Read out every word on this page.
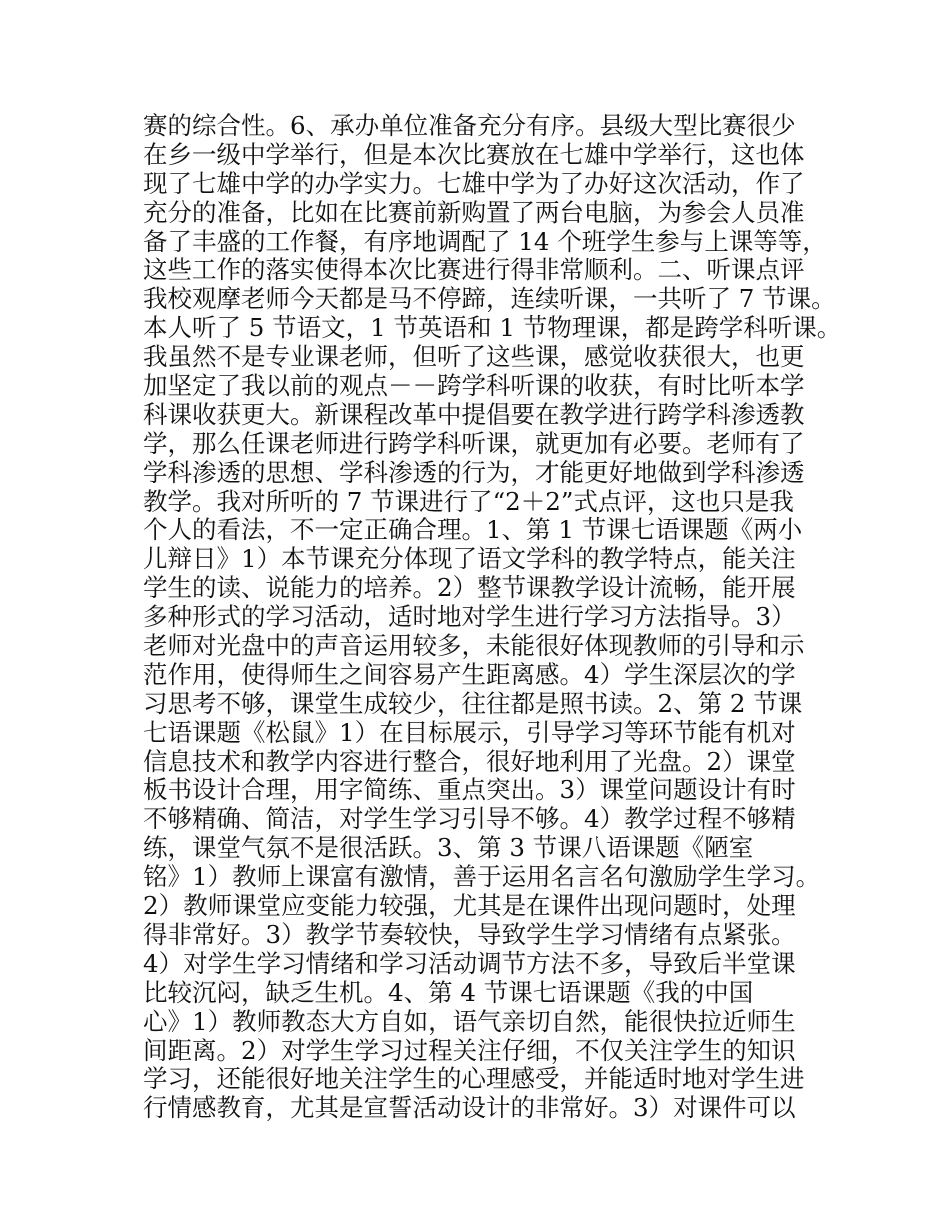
赛的综合性。6、承办单位准备充分有序。县级大型比赛很少
在乡一级中学举行，但是本次比赛放在七雄中学举行，这也体
现了七雄中学的办学实力。七雄中学为了办好这次活动，作了
充分的准备，比如在比赛前新购置了两台电脑，为参会人员准
备了丰盛的工作餐，有序地调配了 14 个班学生参与上课等等，
这些工作的落实使得本次比赛进行得非常顺利。二、听课点评
我校观摩老师今天都是马不停蹄，连续听课，一共听了 7 节课。
本人听了 5 节语文，1 节英语和 1 节物理课，都是跨学科听课。
我虽然不是专业课老师，但听了这些课，感觉收获很大，也更
加坚定了我以前的观点－－跨学科听课的收获，有时比听本学
科课收获更大。新课程改革中提倡要在教学进行跨学科渗透教
学，那么任课老师进行跨学科听课，就更加有必要。老师有了
学科渗透的思想、学科渗透的行为，才能更好地做到学科渗透
教学。我对所听的 7 节课进行了“2＋2”式点评，这也只是我
个人的看法，不一定正确合理。1、第 1 节课七语课题《两小
儿辩日》1）本节课充分体现了语文学科的教学特点，能关注
学生的读、说能力的培养。2）整节课教学设计流畅，能开展
多种形式的学习活动，适时地对学生进行学习方法指导。3）
老师对光盘中的声音运用较多，未能很好体现教师的引导和示
范作用，使得师生之间容易产生距离感。4）学生深层次的学
习思考不够，课堂生成较少，往往都是照书读。2、第 2 节课
七语课题《松鼠》1）在目标展示，引导学习等环节能有机对
信息技术和教学内容进行整合，很好地利用了光盘。2）课堂
板书设计合理，用字简练、重点突出。3）课堂问题设计有时
不够精确、简洁，对学生学习引导不够。4）教学过程不够精
练，课堂气氛不是很活跃。3、第 3 节课八语课题《陋室
铭》1）教师上课富有激情，善于运用名言名句激励学生学习。
2）教师课堂应变能力较强，尤其是在课件出现问题时，处理
得非常好。3）教学节奏较快，导致学生学习情绪有点紧张。
4）对学生学习情绪和学习活动调节方法不多，导致后半堂课
比较沉闷，缺乏生机。4、第 4 节课七语课题《我的中国
心》1）教师教态大方自如，语气亲切自然，能很快拉近师生
间距离。2）对学生学习过程关注仔细，不仅关注学生的知识
学习，还能很好地关注学生的心理感受，并能适时地对学生进
行情感教育，尤其是宣誓活动设计的非常好。3）对课件可以
